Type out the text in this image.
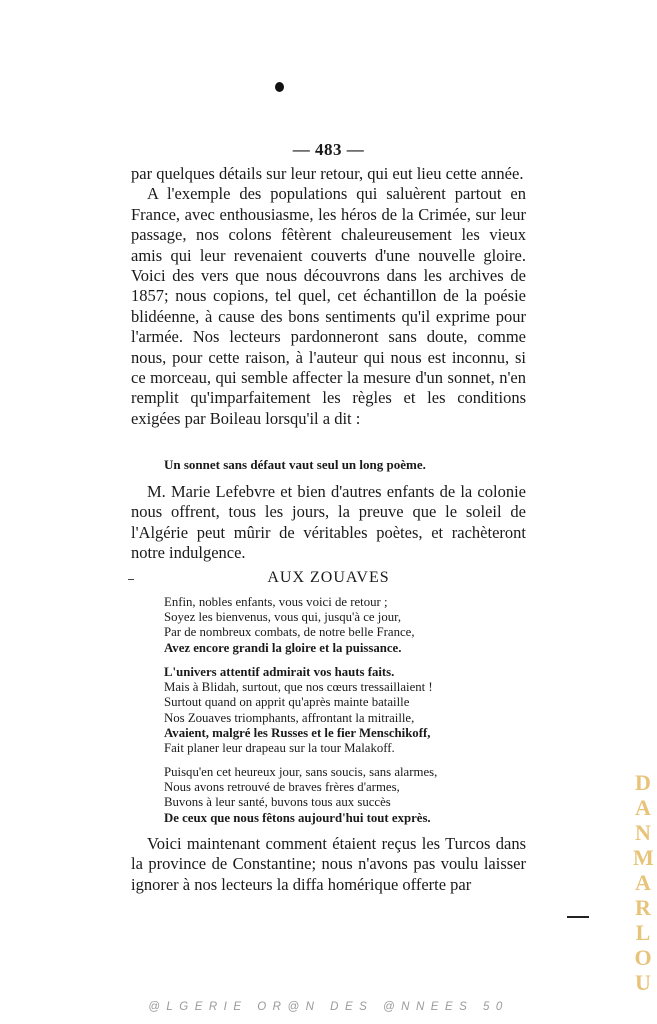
— 483 —

par quelques détails sur leur retour, qui eut lieu cette année.

A l'exemple des populations qui saluèrent partout en France, avec enthousiasme, les héros de la Crimée, sur leur passage, nos colons fêtèrent chaleureusement les vieux amis qui leur revenaient couverts d'une nouvelle gloire. Voici des vers que nous découvrons dans les archives de 1857; nous copions, tel quel, cet échantillon de la poésie blidéenne, à cause des bons sentiments qu'il exprime pour l'armée. Nos lecteurs pardonneront sans doute, comme nous, pour cette raison, à l'auteur qui nous est inconnu, si ce morceau, qui semble affecter la mesure d'un sonnet, n'en remplit qu'imparfaitement les règles et les conditions exigées par Boileau lorsqu'il a dit :

Un sonnet sans défaut vaut seul un long poème.

M. Marie Lefebvre et bien d'autres enfants de la colonie nous offrent, tous les jours, la preuve que le soleil de l'Algérie peut mûrir de véritables poètes, et rachèteront notre indulgence.

AUX ZOUAVES
Enfin, nobles enfants, vous voici de retour ;
Soyez les bienvenus, vous qui, jusqu'à ce jour,
Par de nombreux combats, de notre belle France,
Avez encore grandi la gloire et la puissance.
L'univers attentif admirait vos hauts faits.
Mais à Blidah, surtout, que nos cœurs tressaillaient !
Surtout quand on apprit qu'après mainte bataille
Nos Zouaves triomphants, affrontant la mitraille,
Avaient, malgré les Russes et le fier Menschikoff,
Fait planer leur drapeau sur la tour Malakoff.
Puisqu'en cet heureux jour, sans soucis, sans alarmes,
Nous avons retrouvé de braves frères d'armes,
Buvons à leur santé, buvons tous aux succès
De ceux que nous fêtons aujourd'hui tout exprès.

Voici maintenant comment étaient reçus les Turcos dans la province de Constantine; nous n'avons pas voulu laisser ignorer à nos lecteurs la diffa homérique offerte par

DANMARLOU
@LGERIE OR@N DES @NNEES 50
